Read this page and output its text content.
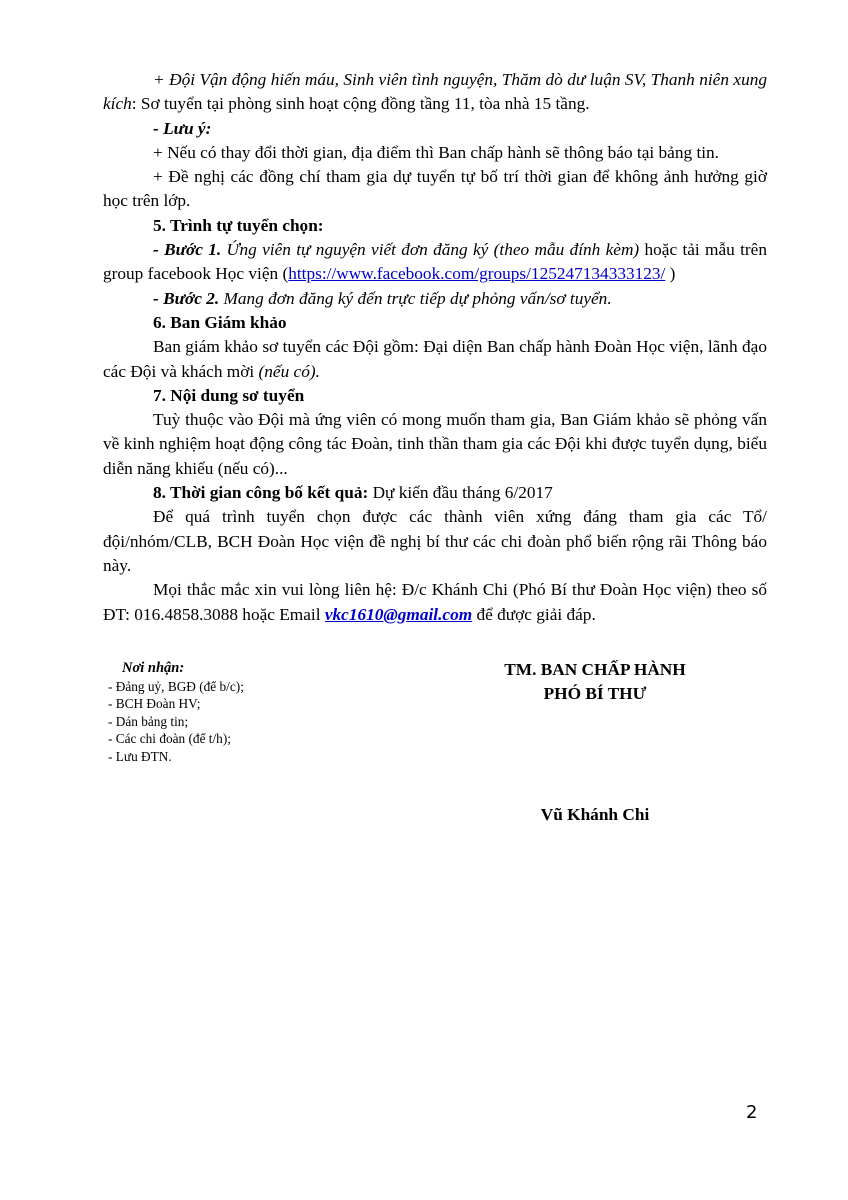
+ Đội Vận động hiến máu, Sinh viên tình nguyện, Thăm dò dư luận SV, Thanh niên xung kích: Sơ tuyển tại phòng sinh hoạt cộng đồng tầng 11, tòa nhà 15 tầng.

- Lưu ý:

+ Nếu có thay đổi thời gian, địa điểm thì Ban chấp hành sẽ thông báo tại bảng tin.

+ Đề nghị các đồng chí tham gia dự tuyển tự bố trí thời gian để không ảnh hưởng giờ học trên lớp.

5. Trình tự tuyển chọn:

- Bước 1. Ứng viên tự nguyện viết đơn đăng ký (theo mẫu đính kèm) hoặc tải mẫu trên group facebook Học viện (https://www.facebook.com/groups/125247134333123/ )

- Bước 2. Mang đơn đăng ký đến trực tiếp dự phỏng vấn/sơ tuyển.

6. Ban Giám khảo

Ban giám khảo sơ tuyển các Đội gồm: Đại diện Ban chấp hành Đoàn Học viện, lãnh đạo các Đội và khách mời (nếu có).

7. Nội dung sơ tuyển

Tuỳ thuộc vào Đội mà ứng viên có mong muốn tham gia, Ban Giám khảo sẽ phỏng vấn về kinh nghiệm hoạt động công tác Đoàn, tinh thần tham gia các Đội khi được tuyển dụng, biểu diễn năng khiếu (nếu có)...

8. Thời gian công bố kết quả: Dự kiến đầu tháng 6/2017

Để quá trình tuyển chọn được các thành viên xứng đáng tham gia các Tổ/đội/nhóm/CLB, BCH Đoàn Học viện đề nghị bí thư các chi đoàn phổ biến rộng rãi Thông báo này.

Mọi thắc mắc xin vui lòng liên hệ: Đ/c Khánh Chi (Phó Bí thư Đoàn Học viện) theo số ĐT: 016.4858.3088 hoặc Email vkc1610@gmail.com để được giải đáp.

Nơi nhận:
- Đảng uỷ, BGĐ (để b/c);
- BCH Đoàn HV;
- Dán bảng tin;
- Các chi đoàn (để t/h);
- Lưu ĐTN.
TM. BAN CHẤP HÀNH
PHÓ BÍ THƯ
Vũ Khánh Chi
2
